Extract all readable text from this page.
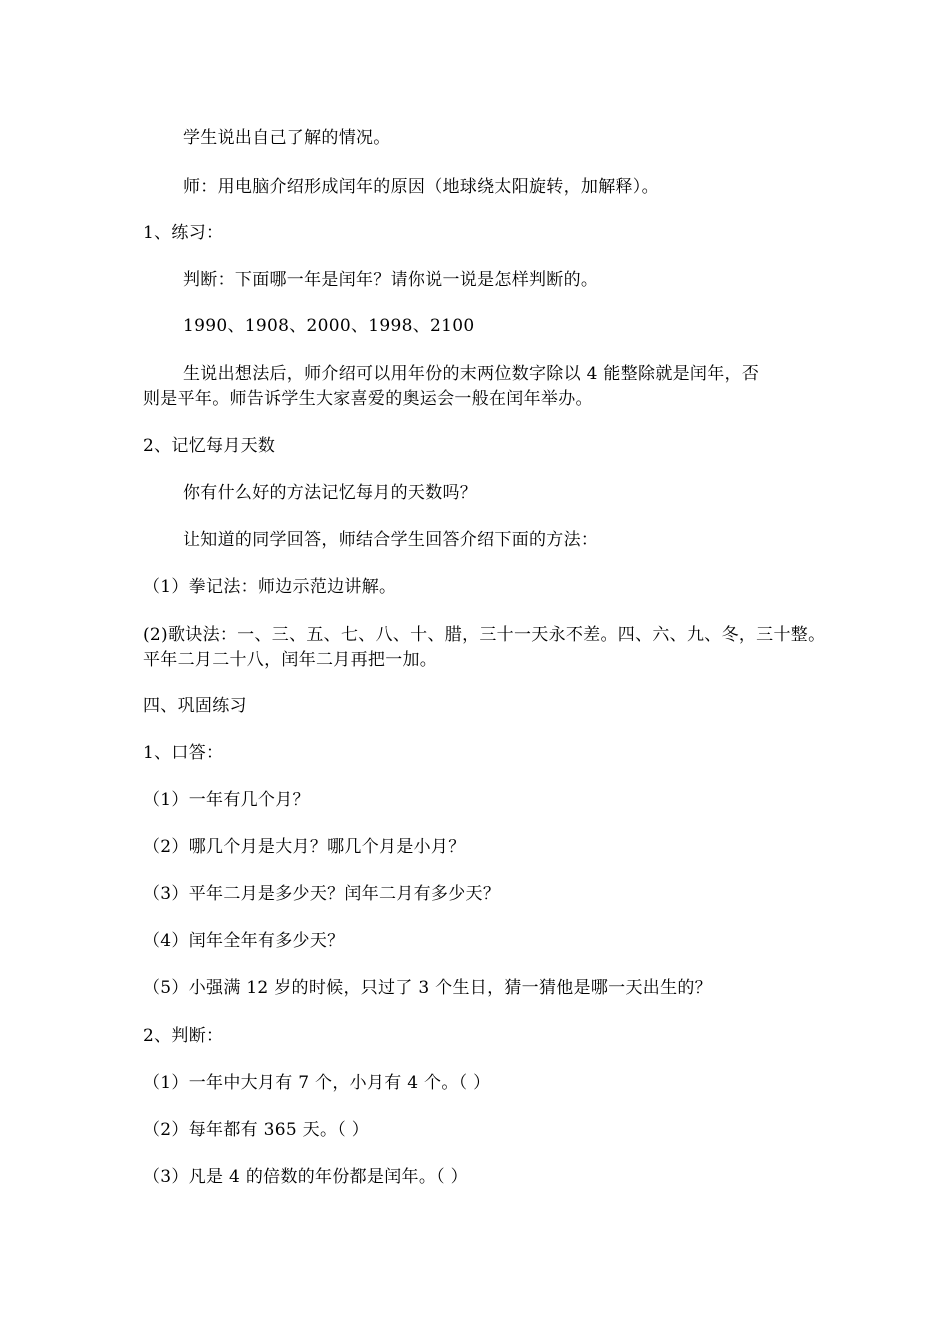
学生说出自己了解的情况。
师：用电脑介绍形成闰年的原因（地球绕太阳旋转，加解释）。
1、练习：
判断：下面哪一年是闰年？请你说一说是怎样判断的。
1990、1908、2000、1998、2100
生说出想法后，师介绍可以用年份的末两位数字除以 4 能整除就是闰年，否
则是平年。师告诉学生大家喜爱的奥运会一般在闰年举办。
2、记忆每月天数
你有什么好的方法记忆每月的天数吗？
让知道的同学回答，师结合学生回答介绍下面的方法：
（1）拳记法：师边示范边讲解。
(2)歌诀法：一、三、五、七、八、十、腊，三十一天永不差。四、六、九、冬，三十整。
平年二月二十八，闰年二月再把一加。
四、巩固练习
1、口答：
（1）一年有几个月？
（2）哪几个月是大月？哪几个月是小月？
（3）平年二月是多少天？闰年二月有多少天？
（4）闰年全年有多少天？
（5）小强满 12 岁的时候，只过了 3 个生日，猜一猜他是哪一天出生的？
2、判断：
（1）一年中大月有 7 个，小月有 4 个。（ ）
（2）每年都有 365 天。（ ）
（3）凡是 4 的倍数的年份都是闰年。（ ）
